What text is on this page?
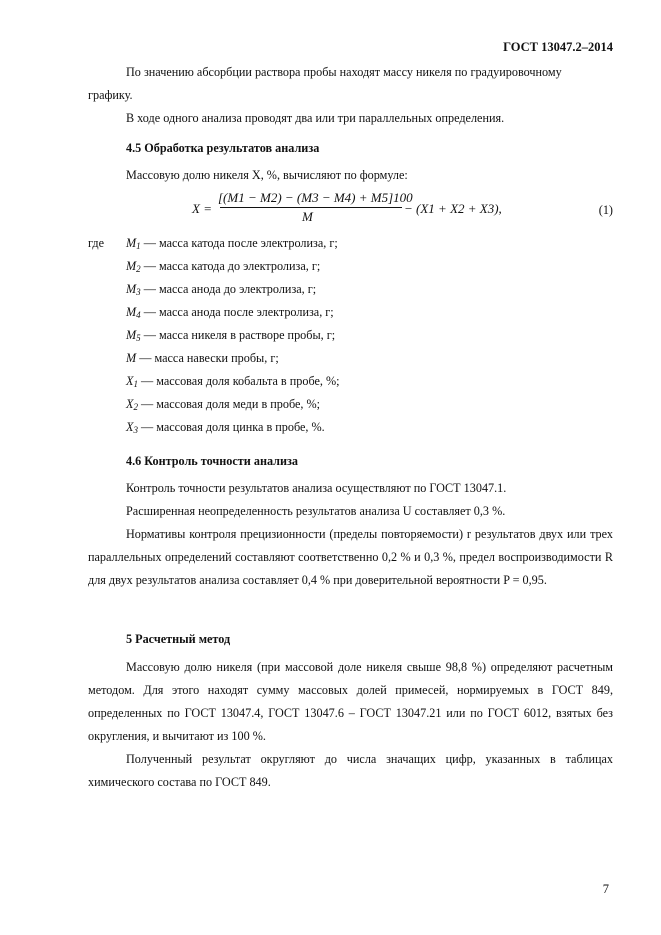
ГОСТ 13047.2–2014
По значению абсорбции раствора пробы находят массу никеля по градуировочному
графику.
В ходе одного анализа проводят два или три параллельных определения.
4.5 Обработка результатов анализа
Массовую долю никеля X, %, вычисляют по формуле:
X =
[(M1 − M2) − (M3 − M4) + M5]100
M
− (X1 + X2 + X3),	(1)
где $M_1$ — масса катода после электролиза, г;
$M_2$ — масса катода до электролиза, г;
$M_3$ — масса анода до электролиза, г;
$M_4$ — масса анода после электролиза, г;
$M_5$ — масса никеля в растворе пробы, г;
M — масса навески пробы, г;
$X_1$ — массовая доля кобальта в пробе, %;
$X_2$ — массовая доля меди в пробе, %;
$X_3$ — массовая доля цинка в пробе, %.
4.6 Контроль точности анализа
Контроль точности результатов анализа осуществляют по ГОСТ 13047.1.
Расширенная неопределенность результатов анализа U составляет 0,3 %.
Нормативы контроля прецизионности (пределы повторяемости) r результатов двух или трех параллельных определений составляют соответственно 0,2 % и 0,3 %, предел воспроизводимости R для двух результатов анализа составляет 0,4 % при доверительной вероятности P = 0,95.
5 Расчетный метод
Массовую долю никеля (при массовой доле никеля свыше 98,8 %) определяют расчетным методом. Для этого находят сумму массовых долей примесей, нормируемых в ГОСТ 849, определенных по ГОСТ 13047.4, ГОСТ 13047.6 – ГОСТ 13047.21 или по ГОСТ 6012, взятых без округления, и вычитают из 100 %.
Полученный результат округляют до числа значащих цифр, указанных в таблицах химического состава по ГОСТ 849.
7
